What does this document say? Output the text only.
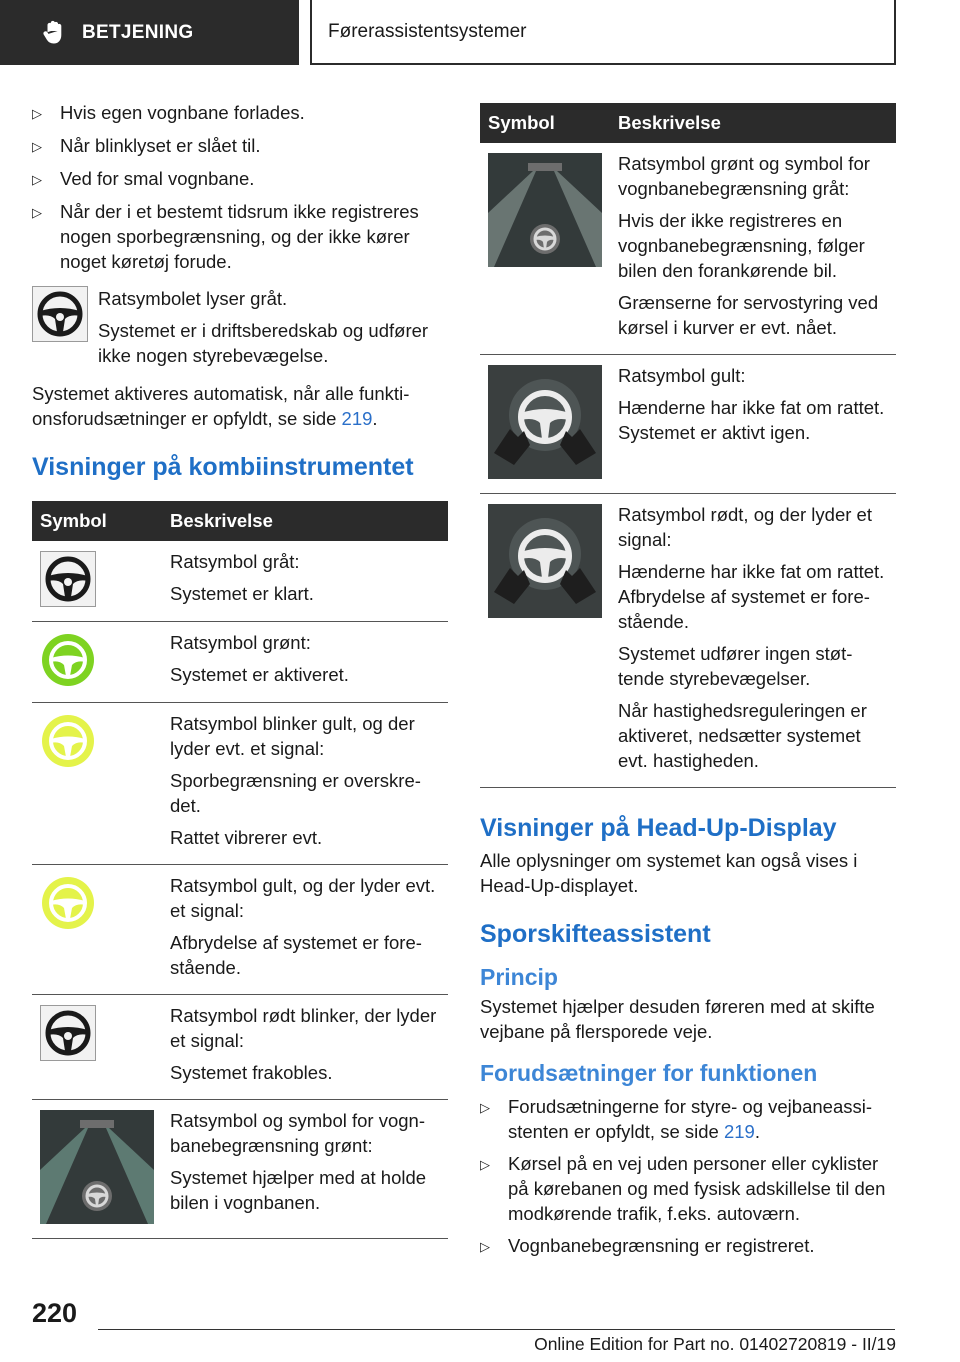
BETJENING	Førerassistentsystemer
▷ Hvis egen vognbane forlades.
▷ Når blinklyset er slået til.
▷ Ved for smal vognbane.
▷ Når der i et bestemt tidsrum ikke registreres nogen sporbegrænsning, og der ikke kører noget køretøj forude.
Ratsymbolet lyser gråt.
Systemet er i driftsberedskab og udfører ikke nogen styrebevægelse.
Systemet aktiveres automatisk, når alle funktionsforudsætninger er opfyldt, se side 219.
Visninger på kombiinstrumentet
Symbol	Beskrivelse

Ratsymbol gråt:
Systemet er klart.

Ratsymbol grønt:
Systemet er aktiveret.

Ratsymbol blinker gult, og der lyder evt. et signal:
Sporbegrænsning er overskredet.
Rattet vibrerer evt.

Ratsymbol gult, og der lyder evt. et signal:
Afbrydelse af systemet er forestående.

Ratsymbol rødt blinker, der lyder et signal:
Systemet frakobles.

Ratsymbol og symbol for vognbanebegrænsning grønt:
Systemet hjælper med at holde bilen i vognbanen.
Symbol	Beskrivelse

Ratsymbol grønt og symbol for vognbanebegrænsning gråt:
Hvis der ikke registreres en vognbanebegrænsning, følger bilen den forankørende bil.
Grænserne for servostyring ved kørsel i kurver er evt. nået.

Ratsymbol gult:
Hænderne har ikke fat om rattet. Systemet er aktivt igen.

Ratsymbol rødt, og der lyder et signal:
Hænderne har ikke fat om rattet. Afbrydelse af systemet er forestående.
Systemet udfører ingen støttende styrebevægelser.
Når hastighedsreguleringen er aktiveret, nedsætter systemet evt. hastigheden.
Visninger på Head-Up-Display
Alle oplysninger om systemet kan også vises i Head-Up-displayet.
Sporskifteassistent
Princip
Systemet hjælper desuden føreren med at skifte vejbane på flersporede veje.
Forudsætninger for funktionen
▷ Forudsætningerne for styre- og vejbaneassistenten er opfyldt, se side 219.
▷ Kørsel på en vej uden personer eller cyklister på kørebanen og med fysisk adskillelse til den modkørende trafik, f.eks. autoværn.
▷ Vognbanebegrænsning er registreret.
220
Online Edition for Part no. 01402720819 - II/19
